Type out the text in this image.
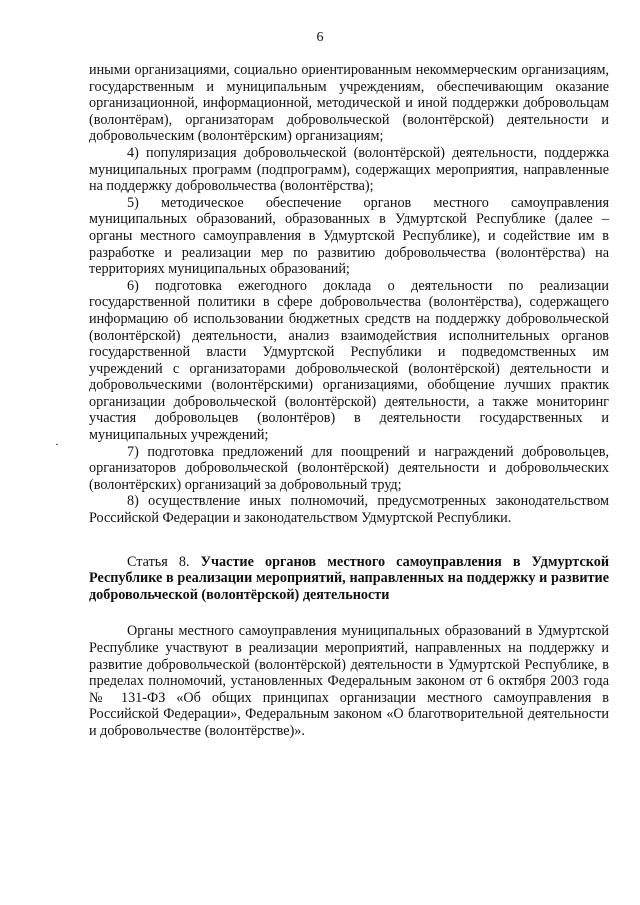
6

иными организациями, социально ориентированным некоммерческим организациям, государственным и муниципальным учреждениям, обеспечивающим оказание организационной, информационной, методической и иной поддержки добровольцам (волонтёрам), организаторам добровольческой (волонтёрской) деятельности и добровольческим (волонтёрским) организациям;

4) популяризация добровольческой (волонтёрской) деятельности, поддержка муниципальных программ (подпрограмм), содержащих мероприятия, направленные на поддержку добровольчества (волонтёрства);

5) методическое обеспечение органов местного самоуправления муниципальных образований, образованных в Удмуртской Республике (далее – органы местного самоуправления в Удмуртской Республике), и содействие им в разработке и реализации мер по развитию добровольчества (волонтёрства) на территориях муниципальных образований;

6) подготовка ежегодного доклада о деятельности по реализации государственной политики в сфере добровольчества (волонтёрства), содержащего информацию об использовании бюджетных средств на поддержку добровольческой (волонтёрской) деятельности, анализ взаимодействия исполнительных органов государственной власти Удмуртской Республики и подведомственных им учреждений с организаторами добровольческой (волонтёрской) деятельности и добровольческими (волонтёрскими) организациями, обобщение лучших практик организации добровольческой (волонтёрской) деятельности, а также мониторинг участия добровольцев (волонтёров) в деятельности государственных и муниципальных учреждений;

7) подготовка предложений для поощрений и награждений добровольцев, организаторов добровольческой (волонтёрской) деятельности и добровольческих (волонтёрских) организаций за добровольный труд;

8) осуществление иных полномочий, предусмотренных законодательством Российской Федерации и законодательством Удмуртской Республики.

Статья 8. Участие органов местного самоуправления в Удмуртской Республике в реализации мероприятий, направленных на поддержку и развитие добровольческой (волонтёрской) деятельности

Органы местного самоуправления муниципальных образований в Удмуртской Республике участвуют в реализации мероприятий, направленных на поддержку и развитие добровольческой (волонтёрской) деятельности в Удмуртской Республике, в пределах полномочий, установленных Федеральным законом от 6 октября 2003 года № 131-ФЗ «Об общих принципах организации местного самоуправления в Российской Федерации», Федеральным законом «О благотворительной деятельности и добровольчестве (волонтёрстве)».
